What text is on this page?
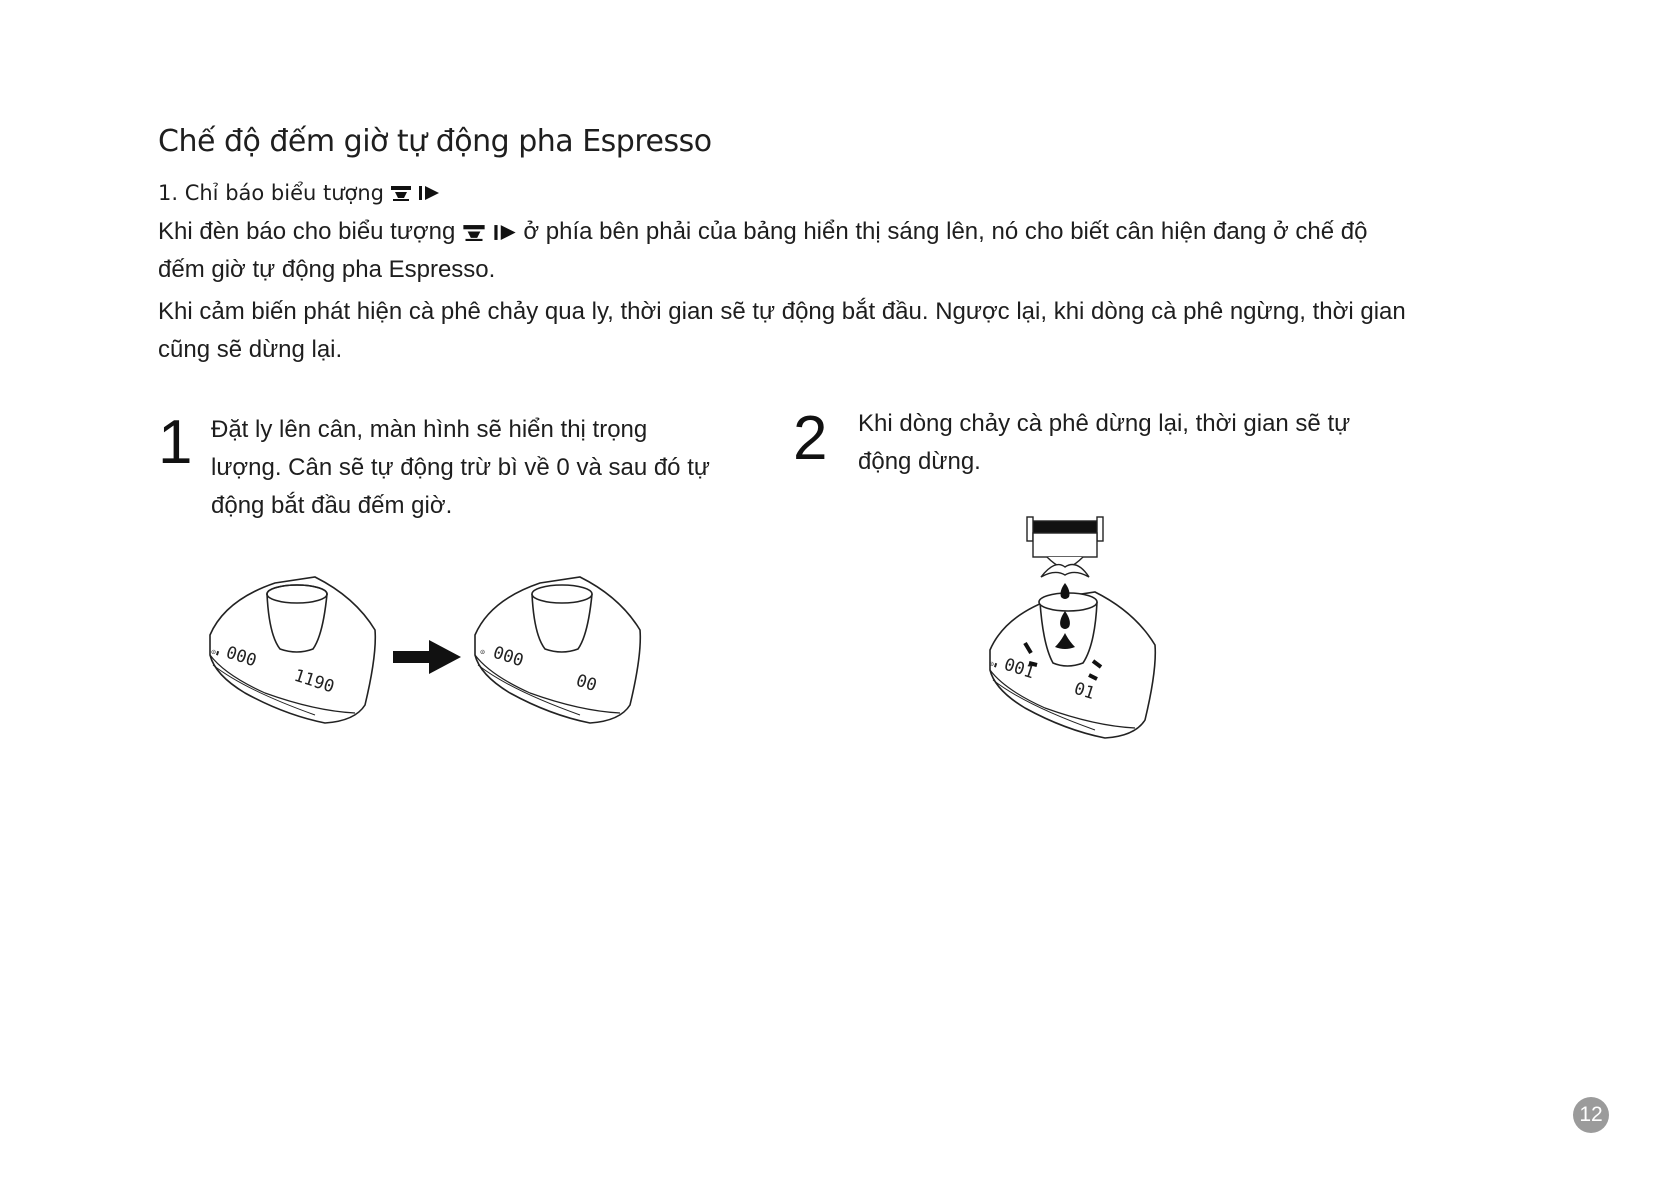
Chế độ đếm giờ tự động pha Espresso
1. Chỉ báo biểu tượng

Khi đèn báo cho biểu tượng	ở phía bên phải của bảng hiển thị sáng lên, nó cho biết cân hiện đang ở chế độ đếm giờ tự động pha Espresso.

Khi cảm biến phát hiện cà phê chảy qua ly, thời gian sẽ tự động bắt đầu. Ngược lại, khi dòng cà phê ngừng, thời gian cũng sẽ dừng lại.

1 Đặt ly lên cân, màn hình sẽ hiển thị trọng lượng. Cân sẽ tự động trừ bì về 0 và sau đó tự động bắt đầu đếm giờ.

2 Khi dòng chảy cà phê dừng lại, thời gian sẽ tự động dừng.

◎▮ 000
1190
◎ 000
00
◎▮ 001
01
12
